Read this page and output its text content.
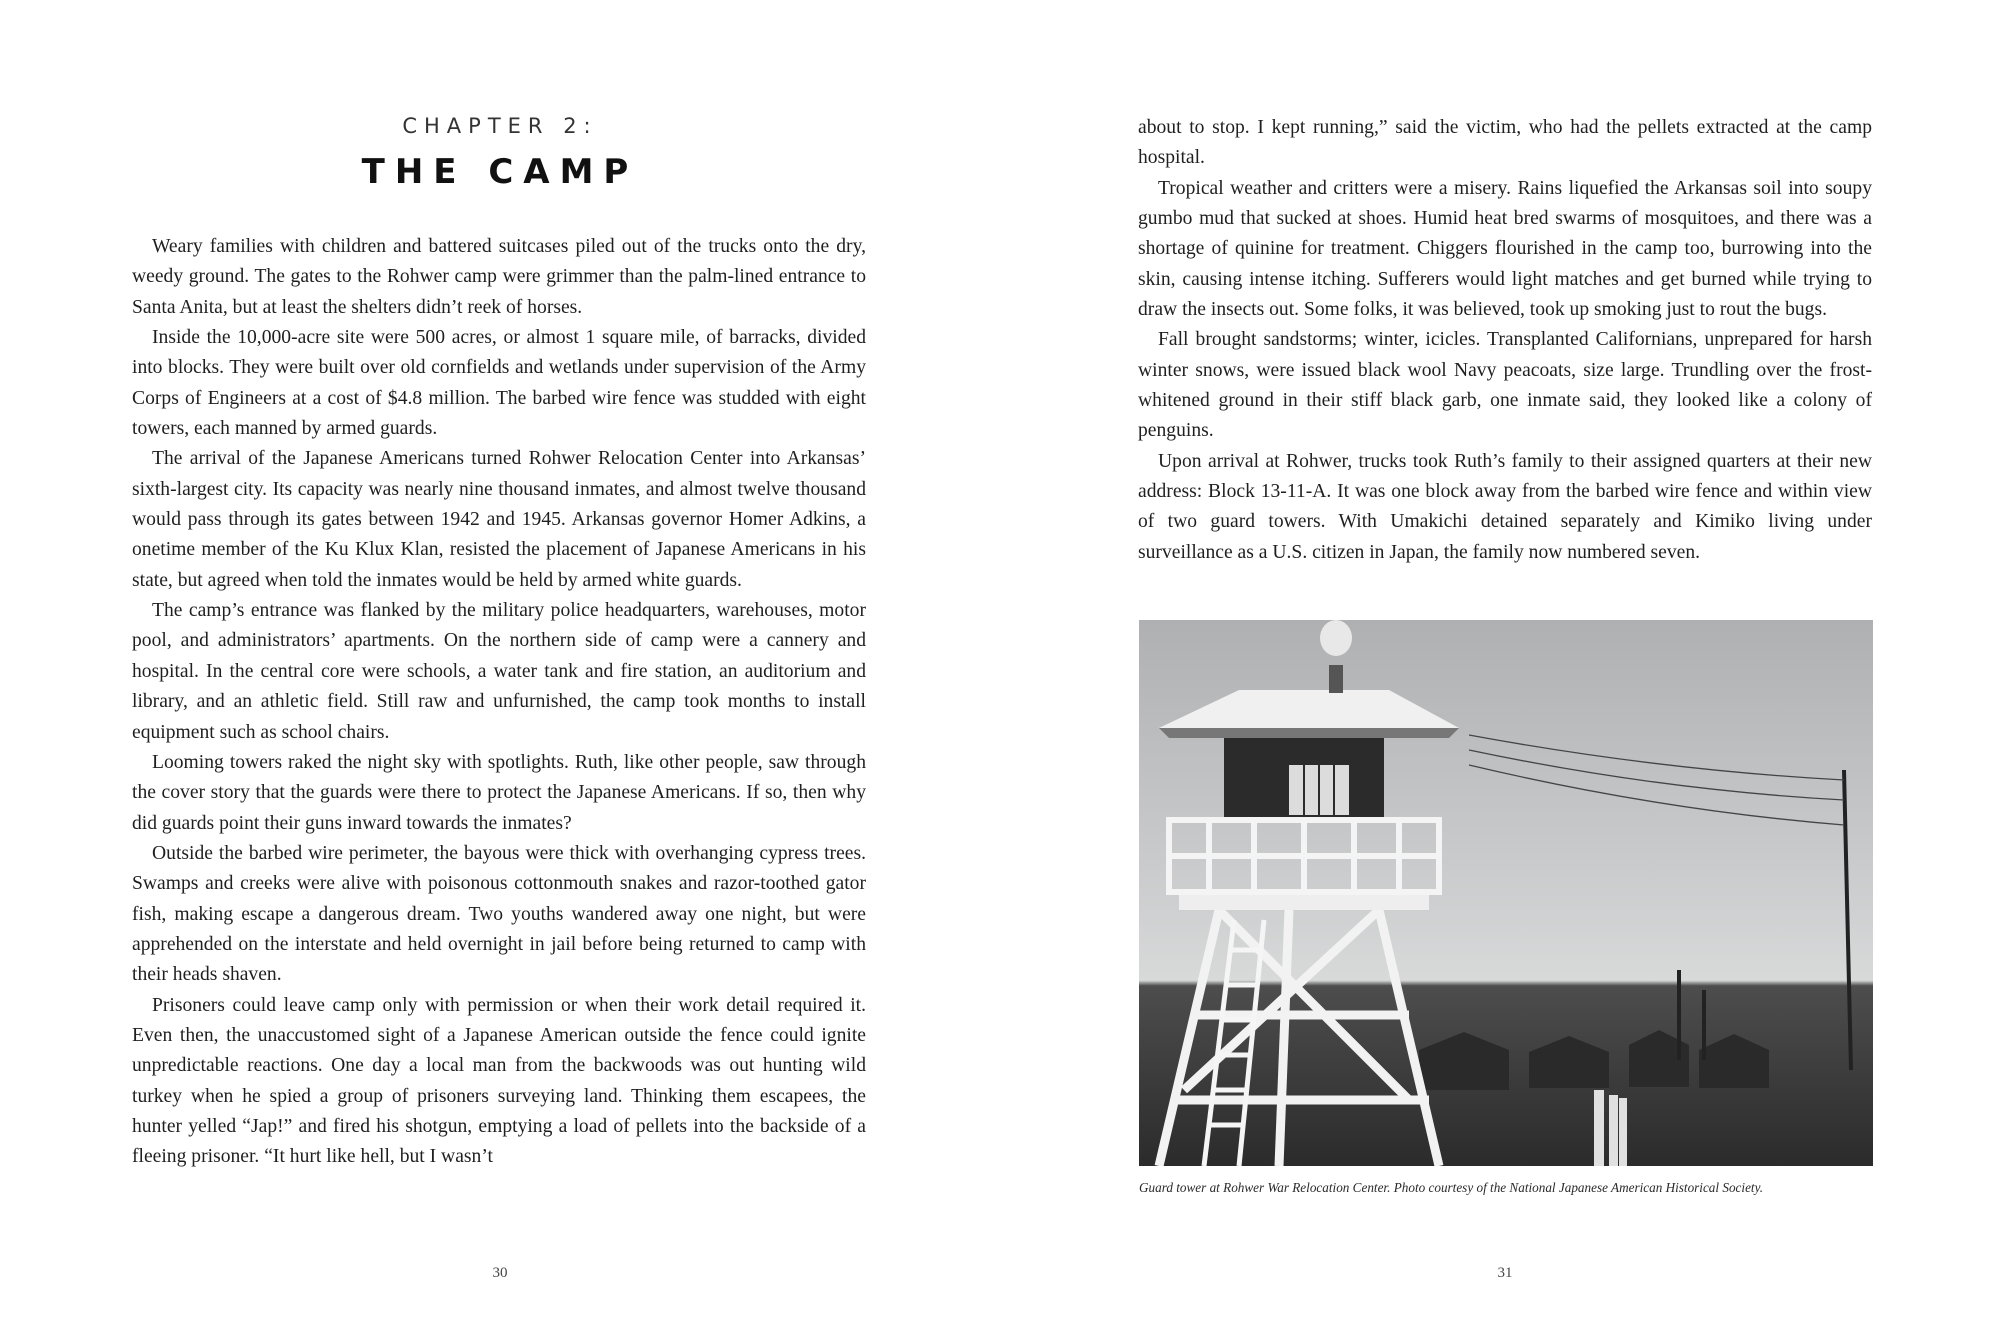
CHAPTER 2:
THE CAMP

Weary families with children and battered suitcases piled out of the trucks onto the dry, weedy ground. The gates to the Rohwer camp were grimmer than the palm-lined entrance to Santa Anita, but at least the shelters didn’t reek of horses.

Inside the 10,000-acre site were 500 acres, or almost 1 square mile, of barracks, divided into blocks. They were built over old cornfields and wetlands under supervision of the Army Corps of Engineers at a cost of $4.8 million. The barbed wire fence was studded with eight towers, each manned by armed guards.

The arrival of the Japanese Americans turned Rohwer Relocation Center into Arkansas’ sixth-largest city. Its capacity was nearly nine thousand inmates, and almost twelve thousand would pass through its gates between 1942 and 1945. Arkansas governor Homer Adkins, a onetime member of the Ku Klux Klan, resisted the placement of Japanese Americans in his state, but agreed when told the inmates would be held by armed white guards.

The camp’s entrance was flanked by the military police headquarters, warehouses, motor pool, and administrators’ apartments. On the northern side of camp were a cannery and hospital. In the central core were schools, a water tank and fire station, an auditorium and library, and an athletic field. Still raw and unfurnished, the camp took months to install equipment such as school chairs.

Looming towers raked the night sky with spotlights. Ruth, like other people, saw through the cover story that the guards were there to protect the Japanese Americans. If so, then why did guards point their guns inward towards the inmates?

Outside the barbed wire perimeter, the bayous were thick with overhanging cypress trees. Swamps and creeks were alive with poisonous cottonmouth snakes and razor-toothed gator fish, making escape a dangerous dream. Two youths wandered away one night, but were apprehended on the interstate and held overnight in jail before being returned to camp with their heads shaven.

Prisoners could leave camp only with permission or when their work detail required it. Even then, the unaccustomed sight of a Japanese American outside the fence could ignite unpredictable reactions. One day a local man from the backwoods was out hunting wild turkey when he spied a group of prisoners surveying land. Thinking them escapees, the hunter yelled “Jap!” and fired his shotgun, emptying a load of pellets into the backside of a fleeing prisoner. “It hurt like hell, but I wasn’t

30

about to stop. I kept running,” said the victim, who had the pellets extracted at the camp hospital.

Tropical weather and critters were a misery. Rains liquefied the Arkansas soil into soupy gumbo mud that sucked at shoes. Humid heat bred swarms of mosquitoes, and there was a shortage of quinine for treatment. Chiggers flourished in the camp too, burrowing into the skin, causing intense itching. Sufferers would light matches and get burned while trying to draw the insects out. Some folks, it was believed, took up smoking just to rout the bugs.

Fall brought sandstorms; winter, icicles. Transplanted Californians, unprepared for harsh winter snows, were issued black wool Navy peacoats, size large. Trundling over the frost-whitened ground in their stiff black garb, one inmate said, they looked like a colony of penguins.

Upon arrival at Rohwer, trucks took Ruth’s family to their assigned quarters at their new address: Block 13-11-A. It was one block away from the barbed wire fence and within view of two guard towers. With Umakichi detained separately and Kimiko living under surveillance as a U.S. citizen in Japan, the family now numbered seven.

Guard tower at Rohwer War Relocation Center. Photo courtesy of the National Japanese American Historical Society.
31
